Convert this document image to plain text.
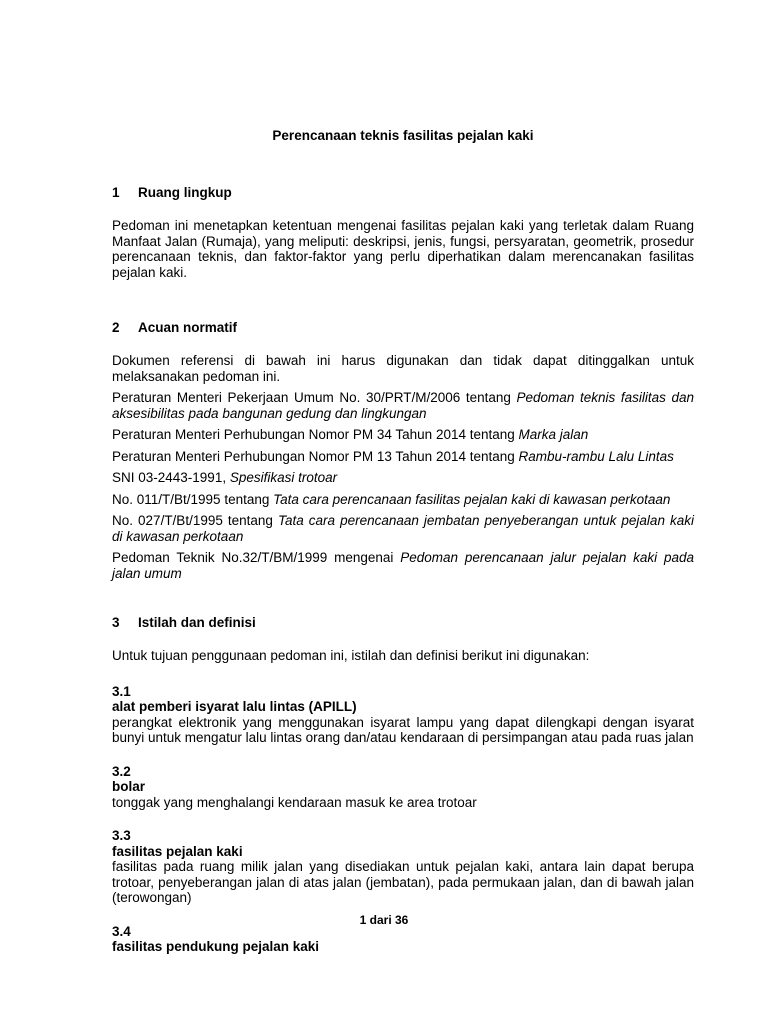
Perencanaan teknis fasilitas pejalan kaki
1	Ruang lingkup

Pedoman ini menetapkan ketentuan mengenai fasilitas pejalan kaki yang terletak dalam Ruang Manfaat Jalan (Rumaja), yang meliputi: deskripsi, jenis, fungsi, persyaratan, geometrik, prosedur perencanaan teknis, dan faktor-faktor yang perlu diperhatikan dalam merencanakan fasilitas pejalan kaki.

2	Acuan normatif

Dokumen referensi di bawah ini harus digunakan dan tidak dapat ditinggalkan untuk melaksanakan pedoman ini.

Peraturan Menteri Pekerjaan Umum No. 30/PRT/M/2006 tentang Pedoman teknis fasilitas dan aksesibilitas pada bangunan gedung dan lingkungan

Peraturan Menteri Perhubungan Nomor PM 34 Tahun 2014 tentang Marka jalan

Peraturan Menteri Perhubungan Nomor PM 13 Tahun 2014 tentang Rambu-rambu Lalu Lintas

SNI 03-2443-1991, Spesifikasi trotoar

No. 011/T/Bt/1995 tentang Tata cara perencanaan fasilitas pejalan kaki di kawasan perkotaan

No. 027/T/Bt/1995 tentang Tata cara perencanaan jembatan penyeberangan untuk pejalan kaki di kawasan perkotaan

Pedoman Teknik No.32/T/BM/1999 mengenai Pedoman perencanaan jalur pejalan kaki pada jalan umum

3	Istilah dan definisi

Untuk tujuan penggunaan pedoman ini, istilah dan definisi berikut ini digunakan:

3.1
alat pemberi isyarat lalu lintas (APILL)

perangkat elektronik yang menggunakan isyarat lampu yang dapat dilengkapi dengan isyarat bunyi untuk mengatur lalu lintas orang dan/atau kendaraan di persimpangan atau pada ruas jalan

3.2
bolar

tonggak yang menghalangi kendaraan masuk ke area trotoar

3.3
fasilitas pejalan kaki

fasilitas pada ruang milik jalan yang disediakan untuk pejalan kaki, antara lain dapat berupa trotoar, penyeberangan jalan di atas jalan (jembatan), pada permukaan jalan, dan di bawah jalan (terowongan)

3.4
fasilitas pendukung pejalan kaki
1 dari 36
